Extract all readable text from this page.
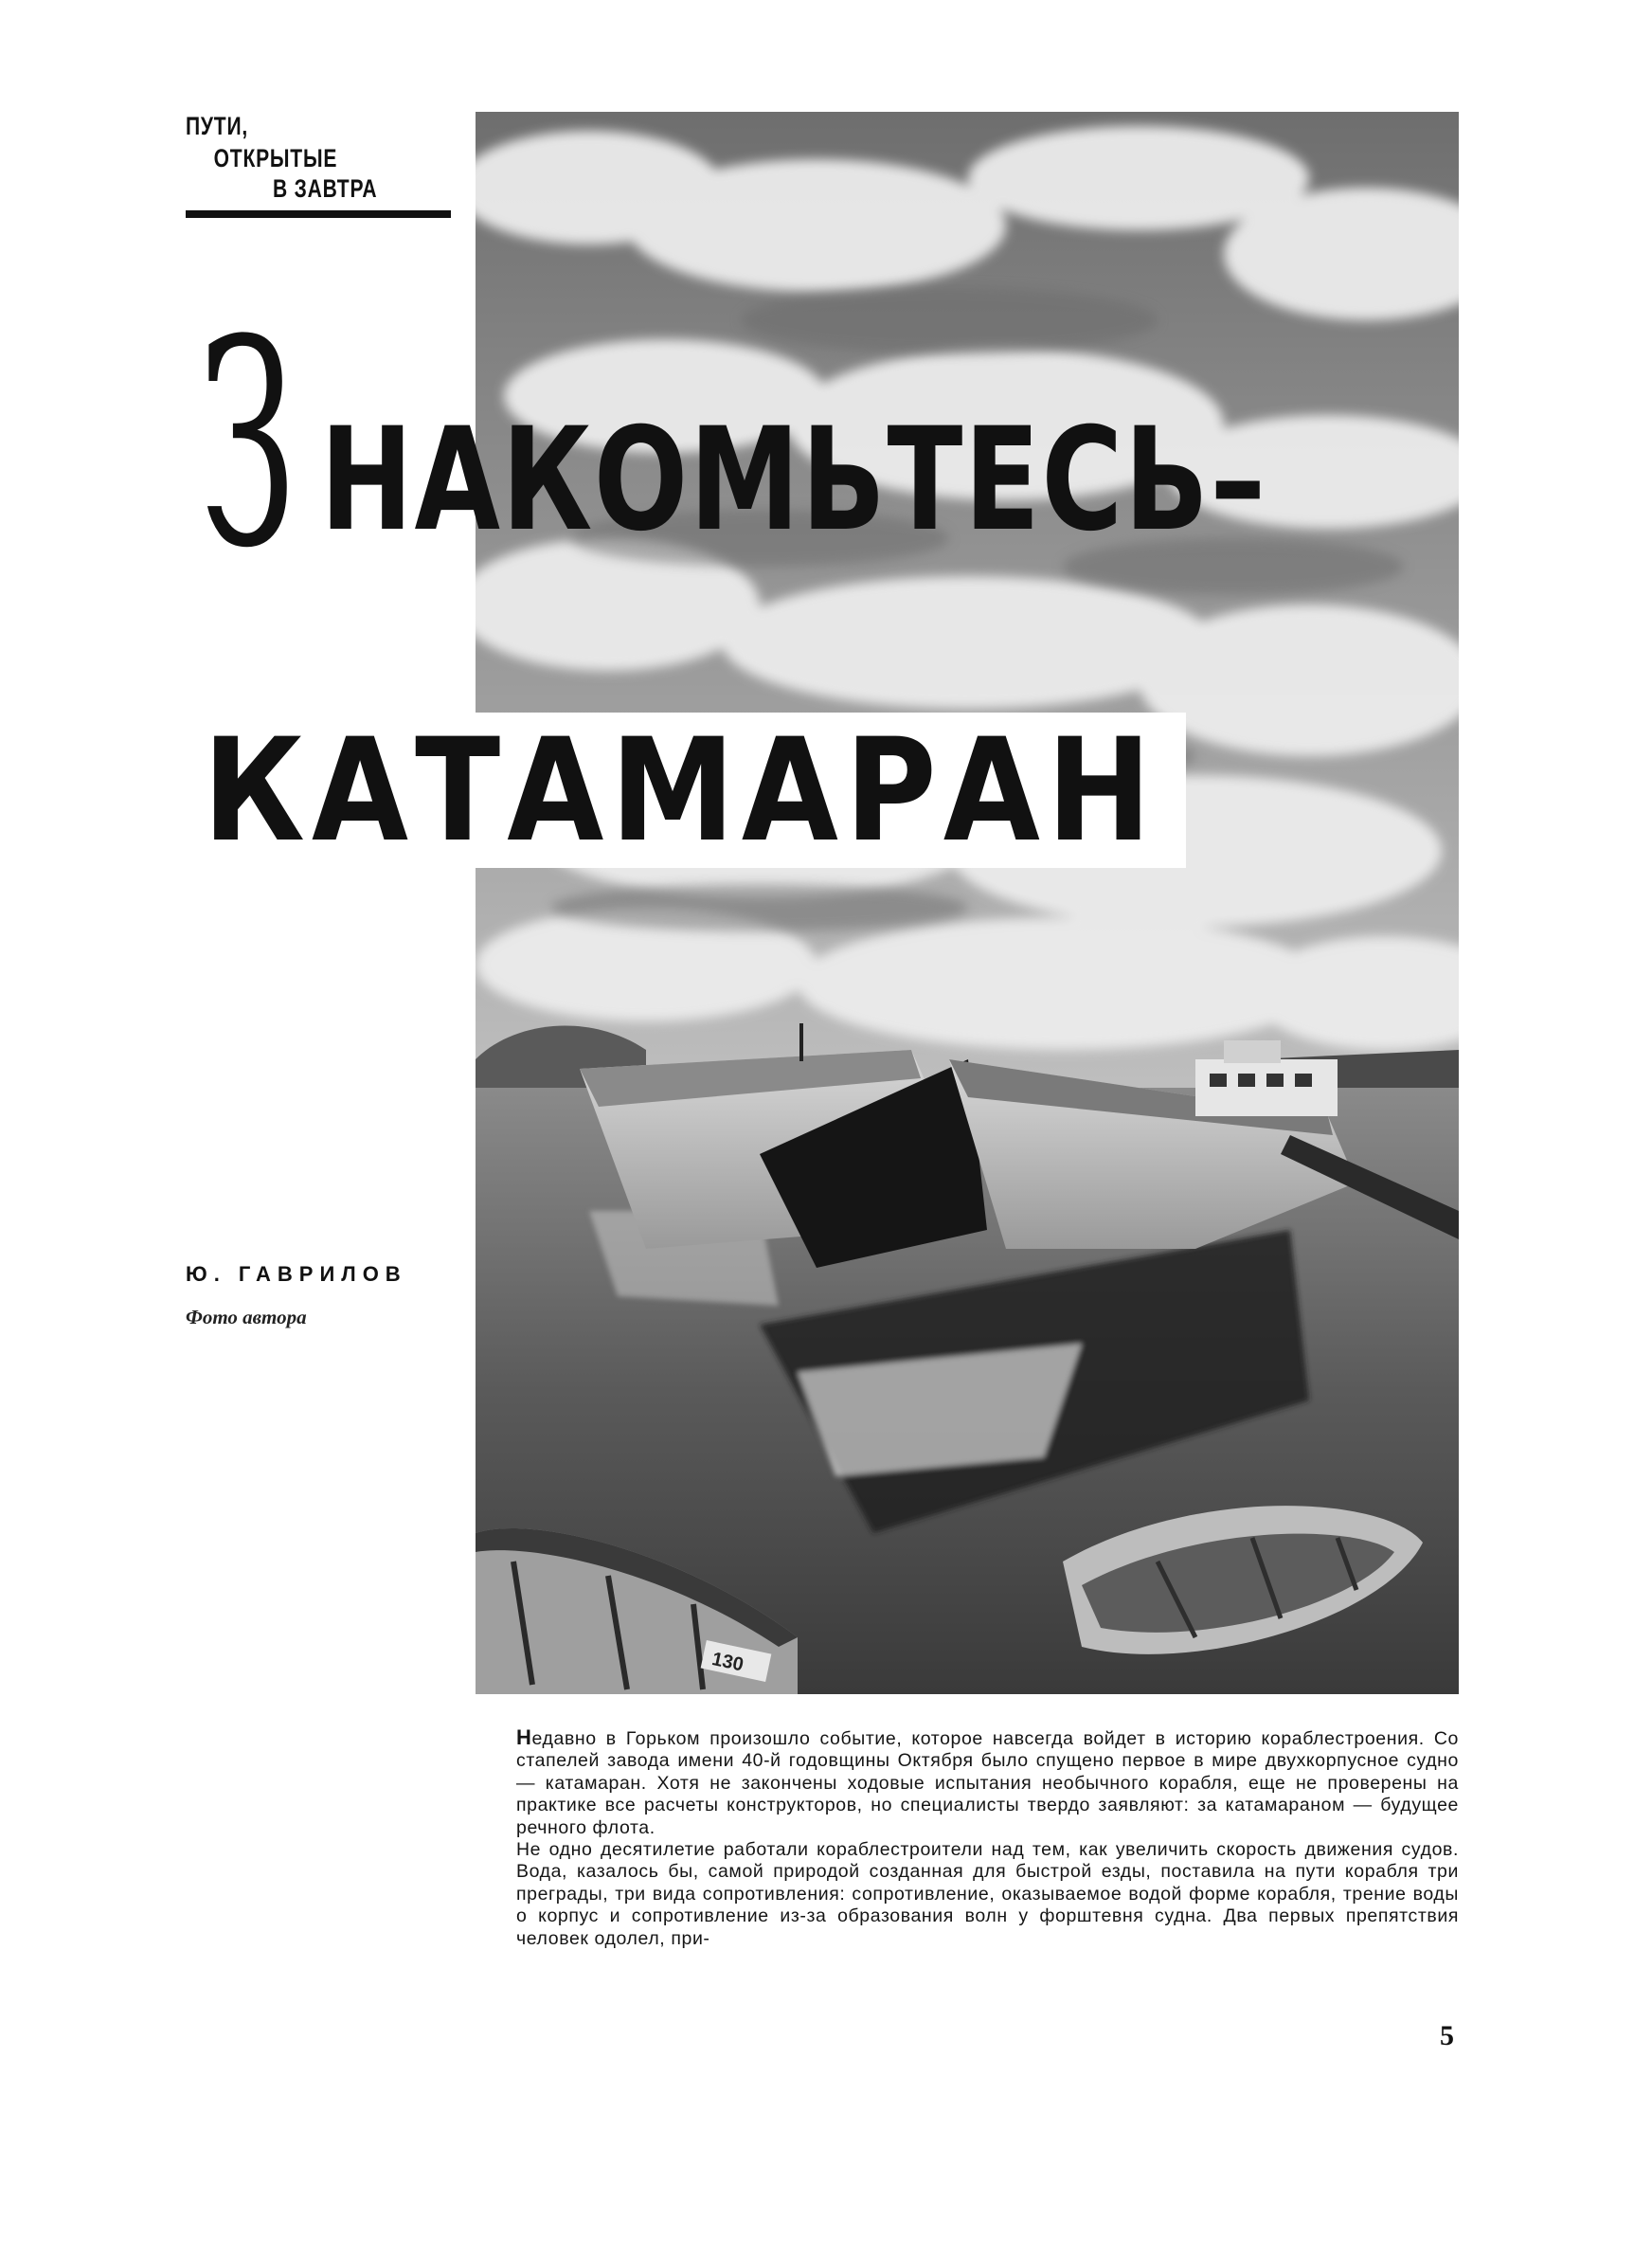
ПУТИ,
ОТКРЫТЫЕ
В ЗАВТРА
130
З НАКОМЬТЕСЬ–
КАТАМАРАН
Ю. ГАВРИЛОВ
Фото автора

Недавно в Горьком произошло событие, которое навсегда войдет в историю кораблестроения. Со стапелей завода имени 40-й годовщины Октября было спущено первое в мире двухкорпусное судно — катамаран. Хотя не закончены ходовые испытания необычного корабля, еще не проверены на практике все расчеты конструкторов, но специалисты твердо заявляют: за катамараном — будущее речного флота.

Не одно десятилетие работали кораблестроители над тем, как увеличить скорость движения судов. Вода, казалось бы, самой природой созданная для быстрой езды, поставила на пути корабля три преграды, три вида сопротивления: сопротивление, оказываемое водой форме корабля, трение воды о корпус и сопротивление из-за образования волн у форштевня судна. Два первых препятствия человек одолел, при-

5
